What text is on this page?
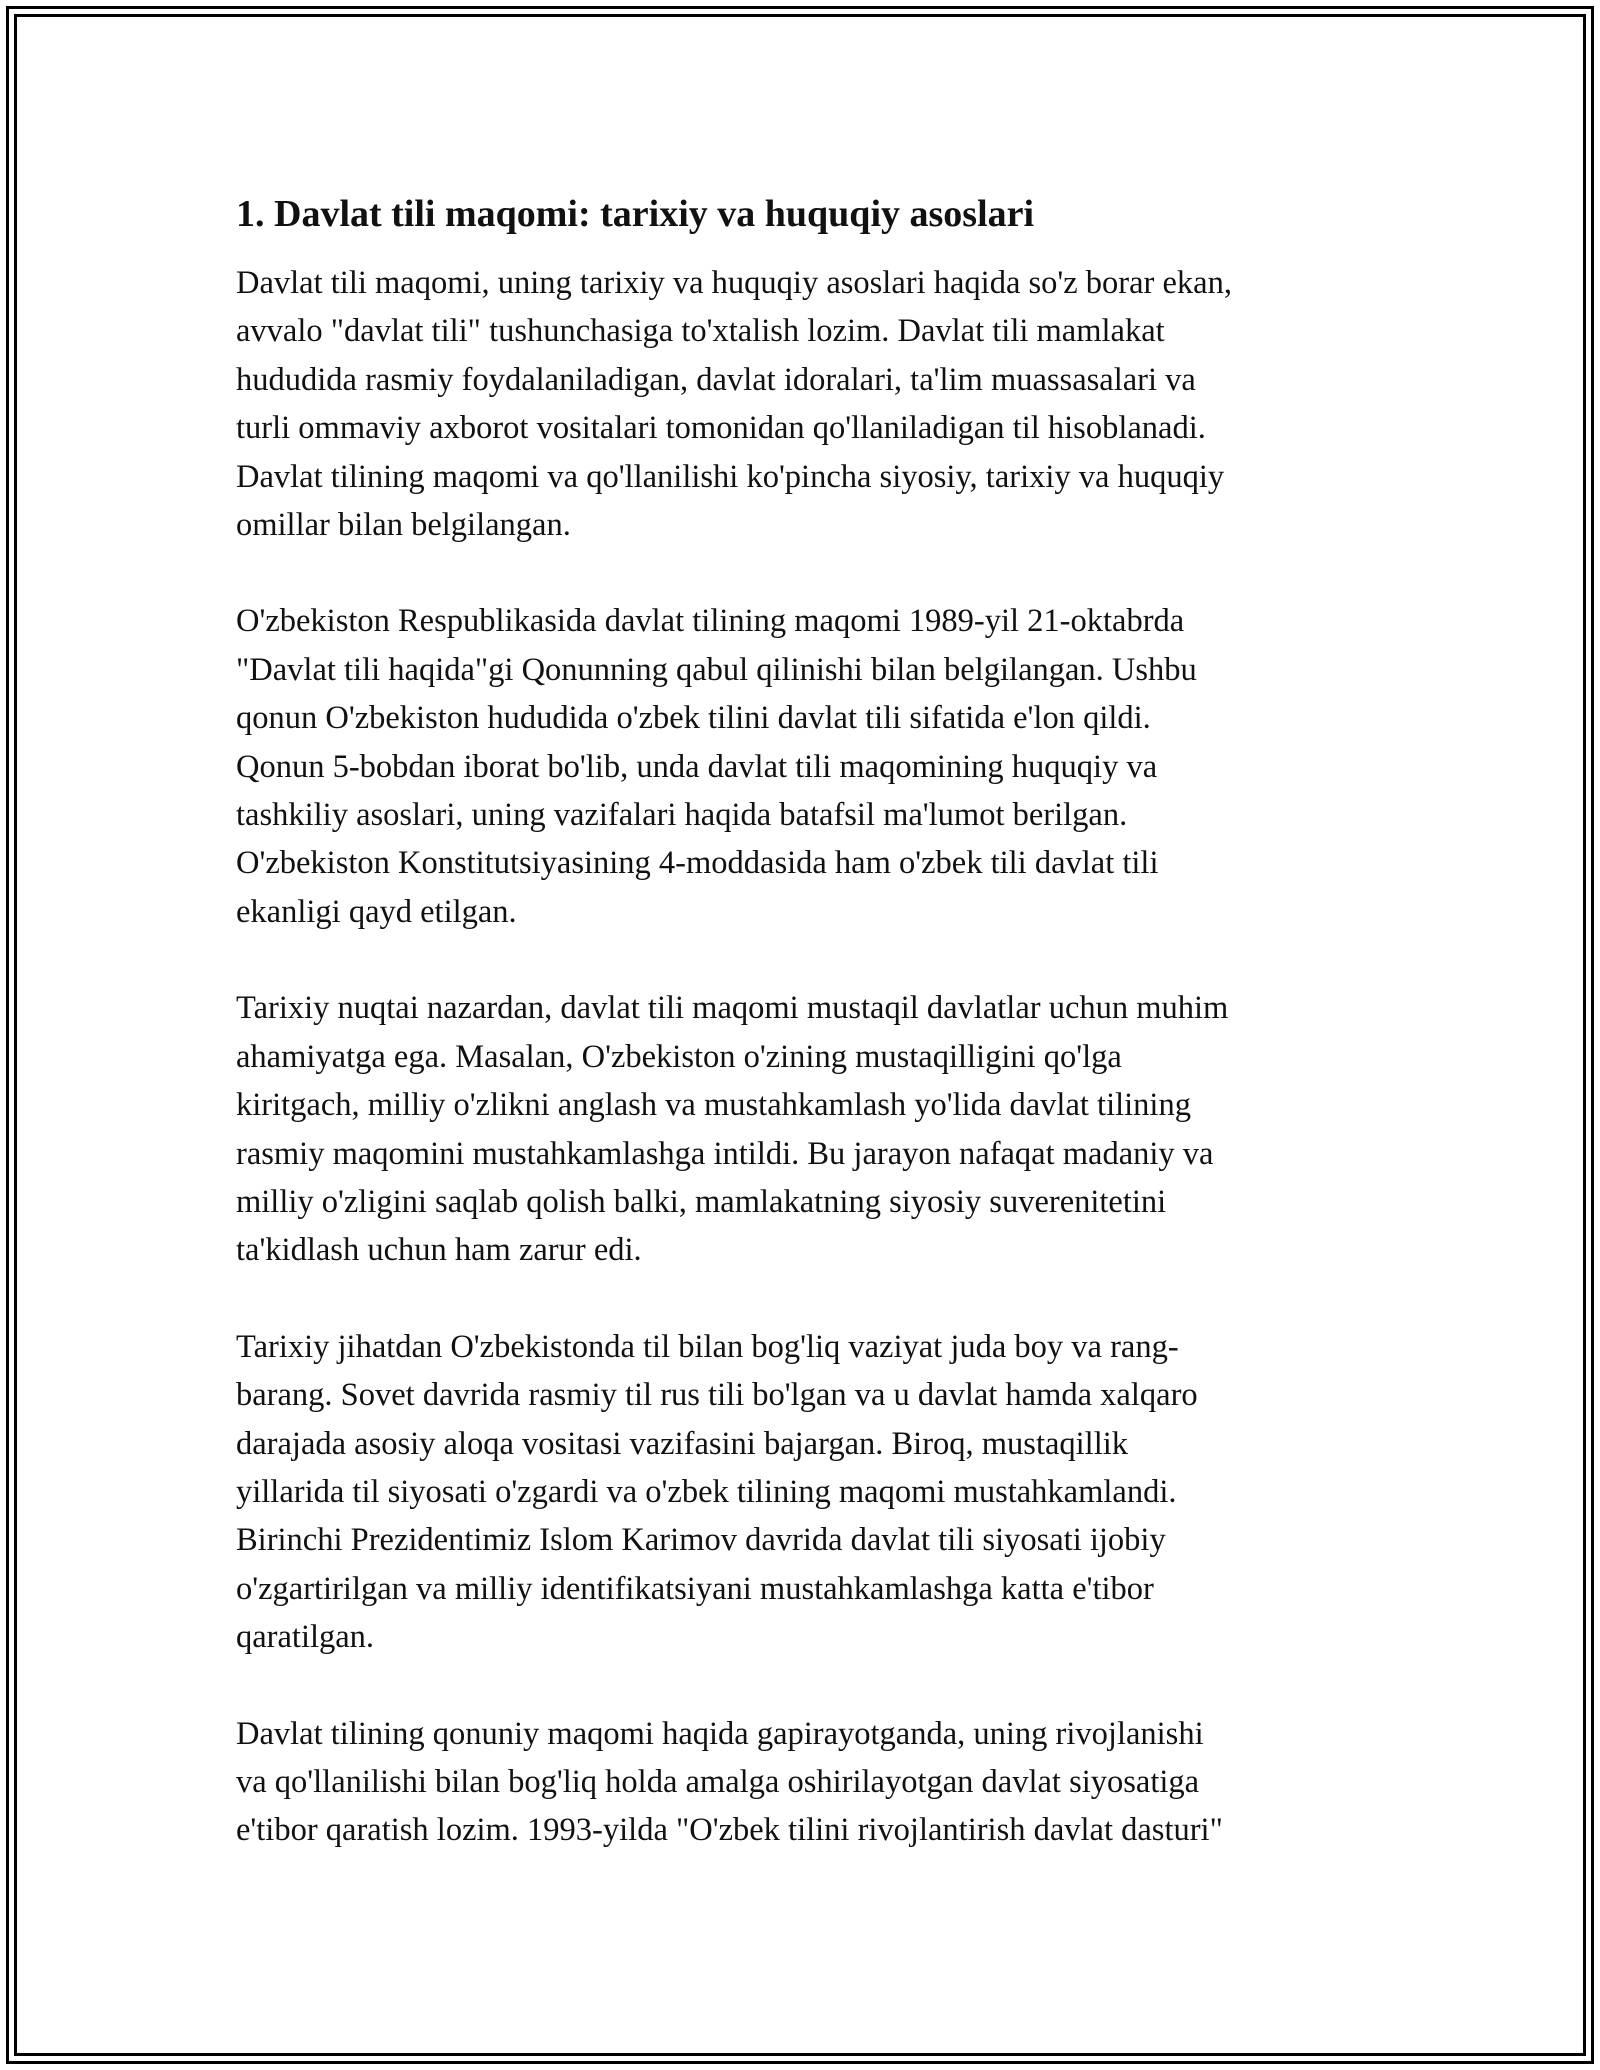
1. Davlat tili maqomi: tarixiy va huquqiy asoslari
Davlat tili maqomi, uning tarixiy va huquqiy asoslari haqida so'z borar ekan,
avvalo "davlat tili" tushunchasiga to'xtalish lozim. Davlat tili mamlakat
hududida rasmiy foydalaniladigan, davlat idoralari, ta'lim muassasalari va
turli ommaviy axborot vositalari tomonidan qo'llaniladigan til hisoblanadi.
Davlat tilining maqomi va qo'llanilishi ko'pincha siyosiy, tarixiy va huquqiy
omillar bilan belgilangan.
O'zbekiston Respublikasida davlat tilining maqomi 1989-yil 21-oktabrda
"Davlat tili haqida"gi Qonunning qabul qilinishi bilan belgilangan. Ushbu
qonun O'zbekiston hududida o'zbek tilini davlat tili sifatida e'lon qildi.
Qonun 5-bobdan iborat bo'lib, unda davlat tili maqomining huquqiy va
tashkiliy asoslari, uning vazifalari haqida batafsil ma'lumot berilgan.
O'zbekiston Konstitutsiyasining 4-moddasida ham o'zbek tili davlat tili
ekanligi qayd etilgan.
Tarixiy nuqtai nazardan, davlat tili maqomi mustaqil davlatlar uchun muhim
ahamiyatga ega. Masalan, O'zbekiston o'zining mustaqilligini qo'lga
kiritgach, milliy o'zlikni anglash va mustahkamlash yo'lida davlat tilining
rasmiy maqomini mustahkamlashga intildi. Bu jarayon nafaqat madaniy va
milliy o'zligini saqlab qolish balki, mamlakatning siyosiy suverenitetini
ta'kidlash uchun ham zarur edi.
Tarixiy jihatdan O'zbekistonda til bilan bog'liq vaziyat juda boy va rang-
barang. Sovet davrida rasmiy til rus tili bo'lgan va u davlat hamda xalqaro
darajada asosiy aloqa vositasi vazifasini bajargan. Biroq, mustaqillik
yillarida til siyosati o'zgardi va o'zbek tilining maqomi mustahkamlandi.
Birinchi Prezidentimiz Islom Karimov davrida davlat tili siyosati ijobiy
o'zgartirilgan va milliy identifikatsiyani mustahkamlashga katta e'tibor
qaratilgan.
Davlat tilining qonuniy maqomi haqida gapirayotganda, uning rivojlanishi
va qo'llanilishi bilan bog'liq holda amalga oshirilayotgan davlat siyosatiga
e'tibor qaratish lozim. 1993-yilda "O'zbek tilini rivojlantirish davlat dasturi"
